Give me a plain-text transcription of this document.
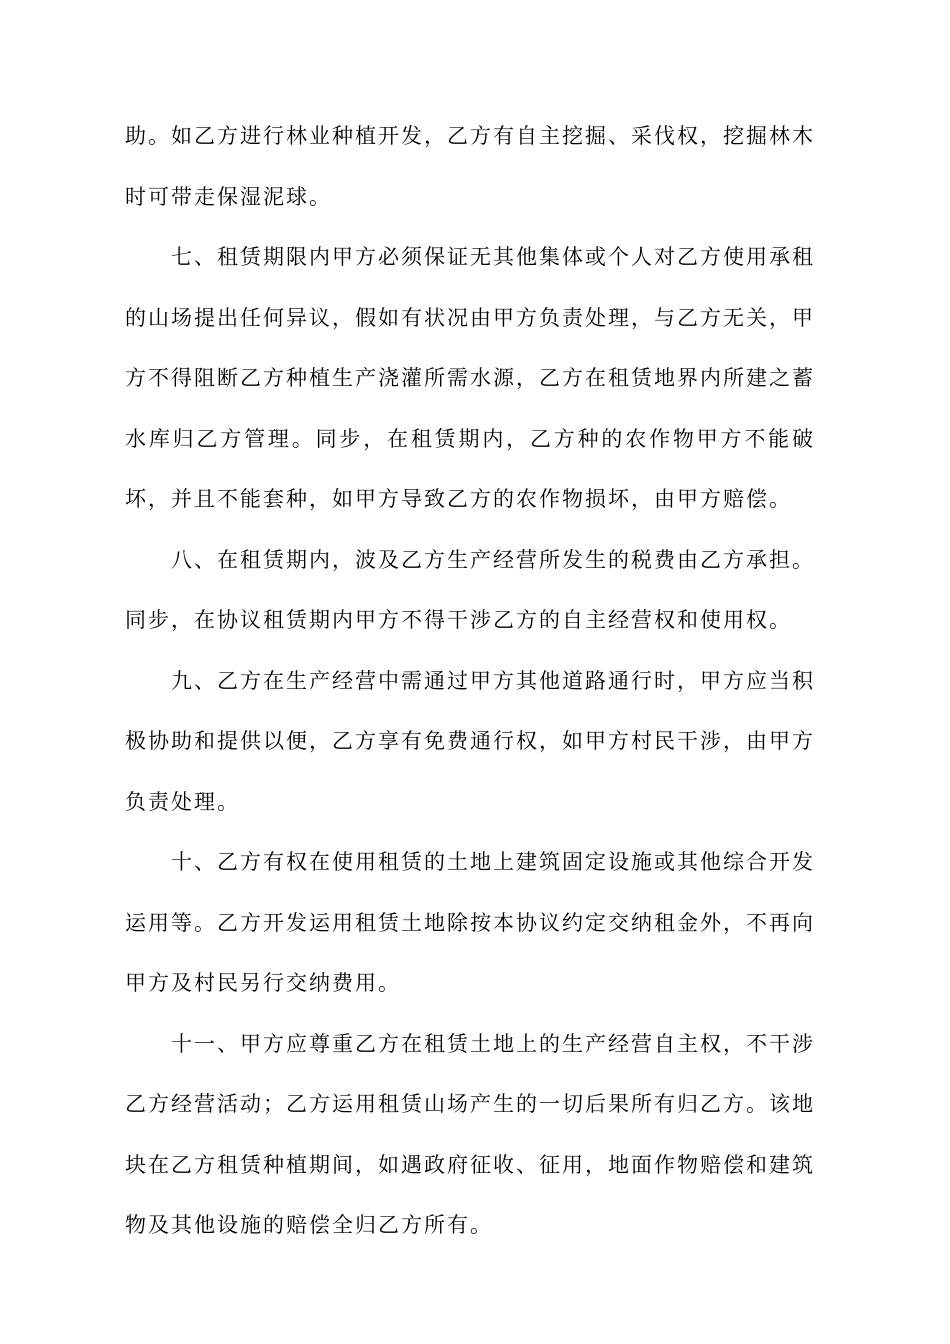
助。如乙方进行林业种植开发，乙方有自主挖掘、采伐权，挖掘林木时可带走保湿泥球。

七、租赁期限内甲方必须保证无其他集体或个人对乙方使用承租的山场提出任何异议，假如有状况由甲方负责处理，与乙方无关，甲方不得阻断乙方种植生产浇灌所需水源，乙方在租赁地界内所建之蓄水库归乙方管理。同步，在租赁期内，乙方种的农作物甲方不能破坏，并且不能套种，如甲方导致乙方的农作物损坏，由甲方赔偿。

八、在租赁期内，波及乙方生产经营所发生的税费由乙方承担。同步，在协议租赁期内甲方不得干涉乙方的自主经营权和使用权。

九、乙方在生产经营中需通过甲方其他道路通行时，甲方应当积极协助和提供以便，乙方享有免费通行权，如甲方村民干涉，由甲方负责处理。

十、乙方有权在使用租赁的土地上建筑固定设施或其他综合开发运用等。乙方开发运用租赁土地除按本协议约定交纳租金外，不再向甲方及村民另行交纳费用。

十一、甲方应尊重乙方在租赁土地上的生产经营自主权，不干涉乙方经营活动；乙方运用租赁山场产生的一切后果所有归乙方。该地块在乙方租赁种植期间，如遇政府征收、征用，地面作物赔偿和建筑物及其他设施的赔偿全归乙方所有。
